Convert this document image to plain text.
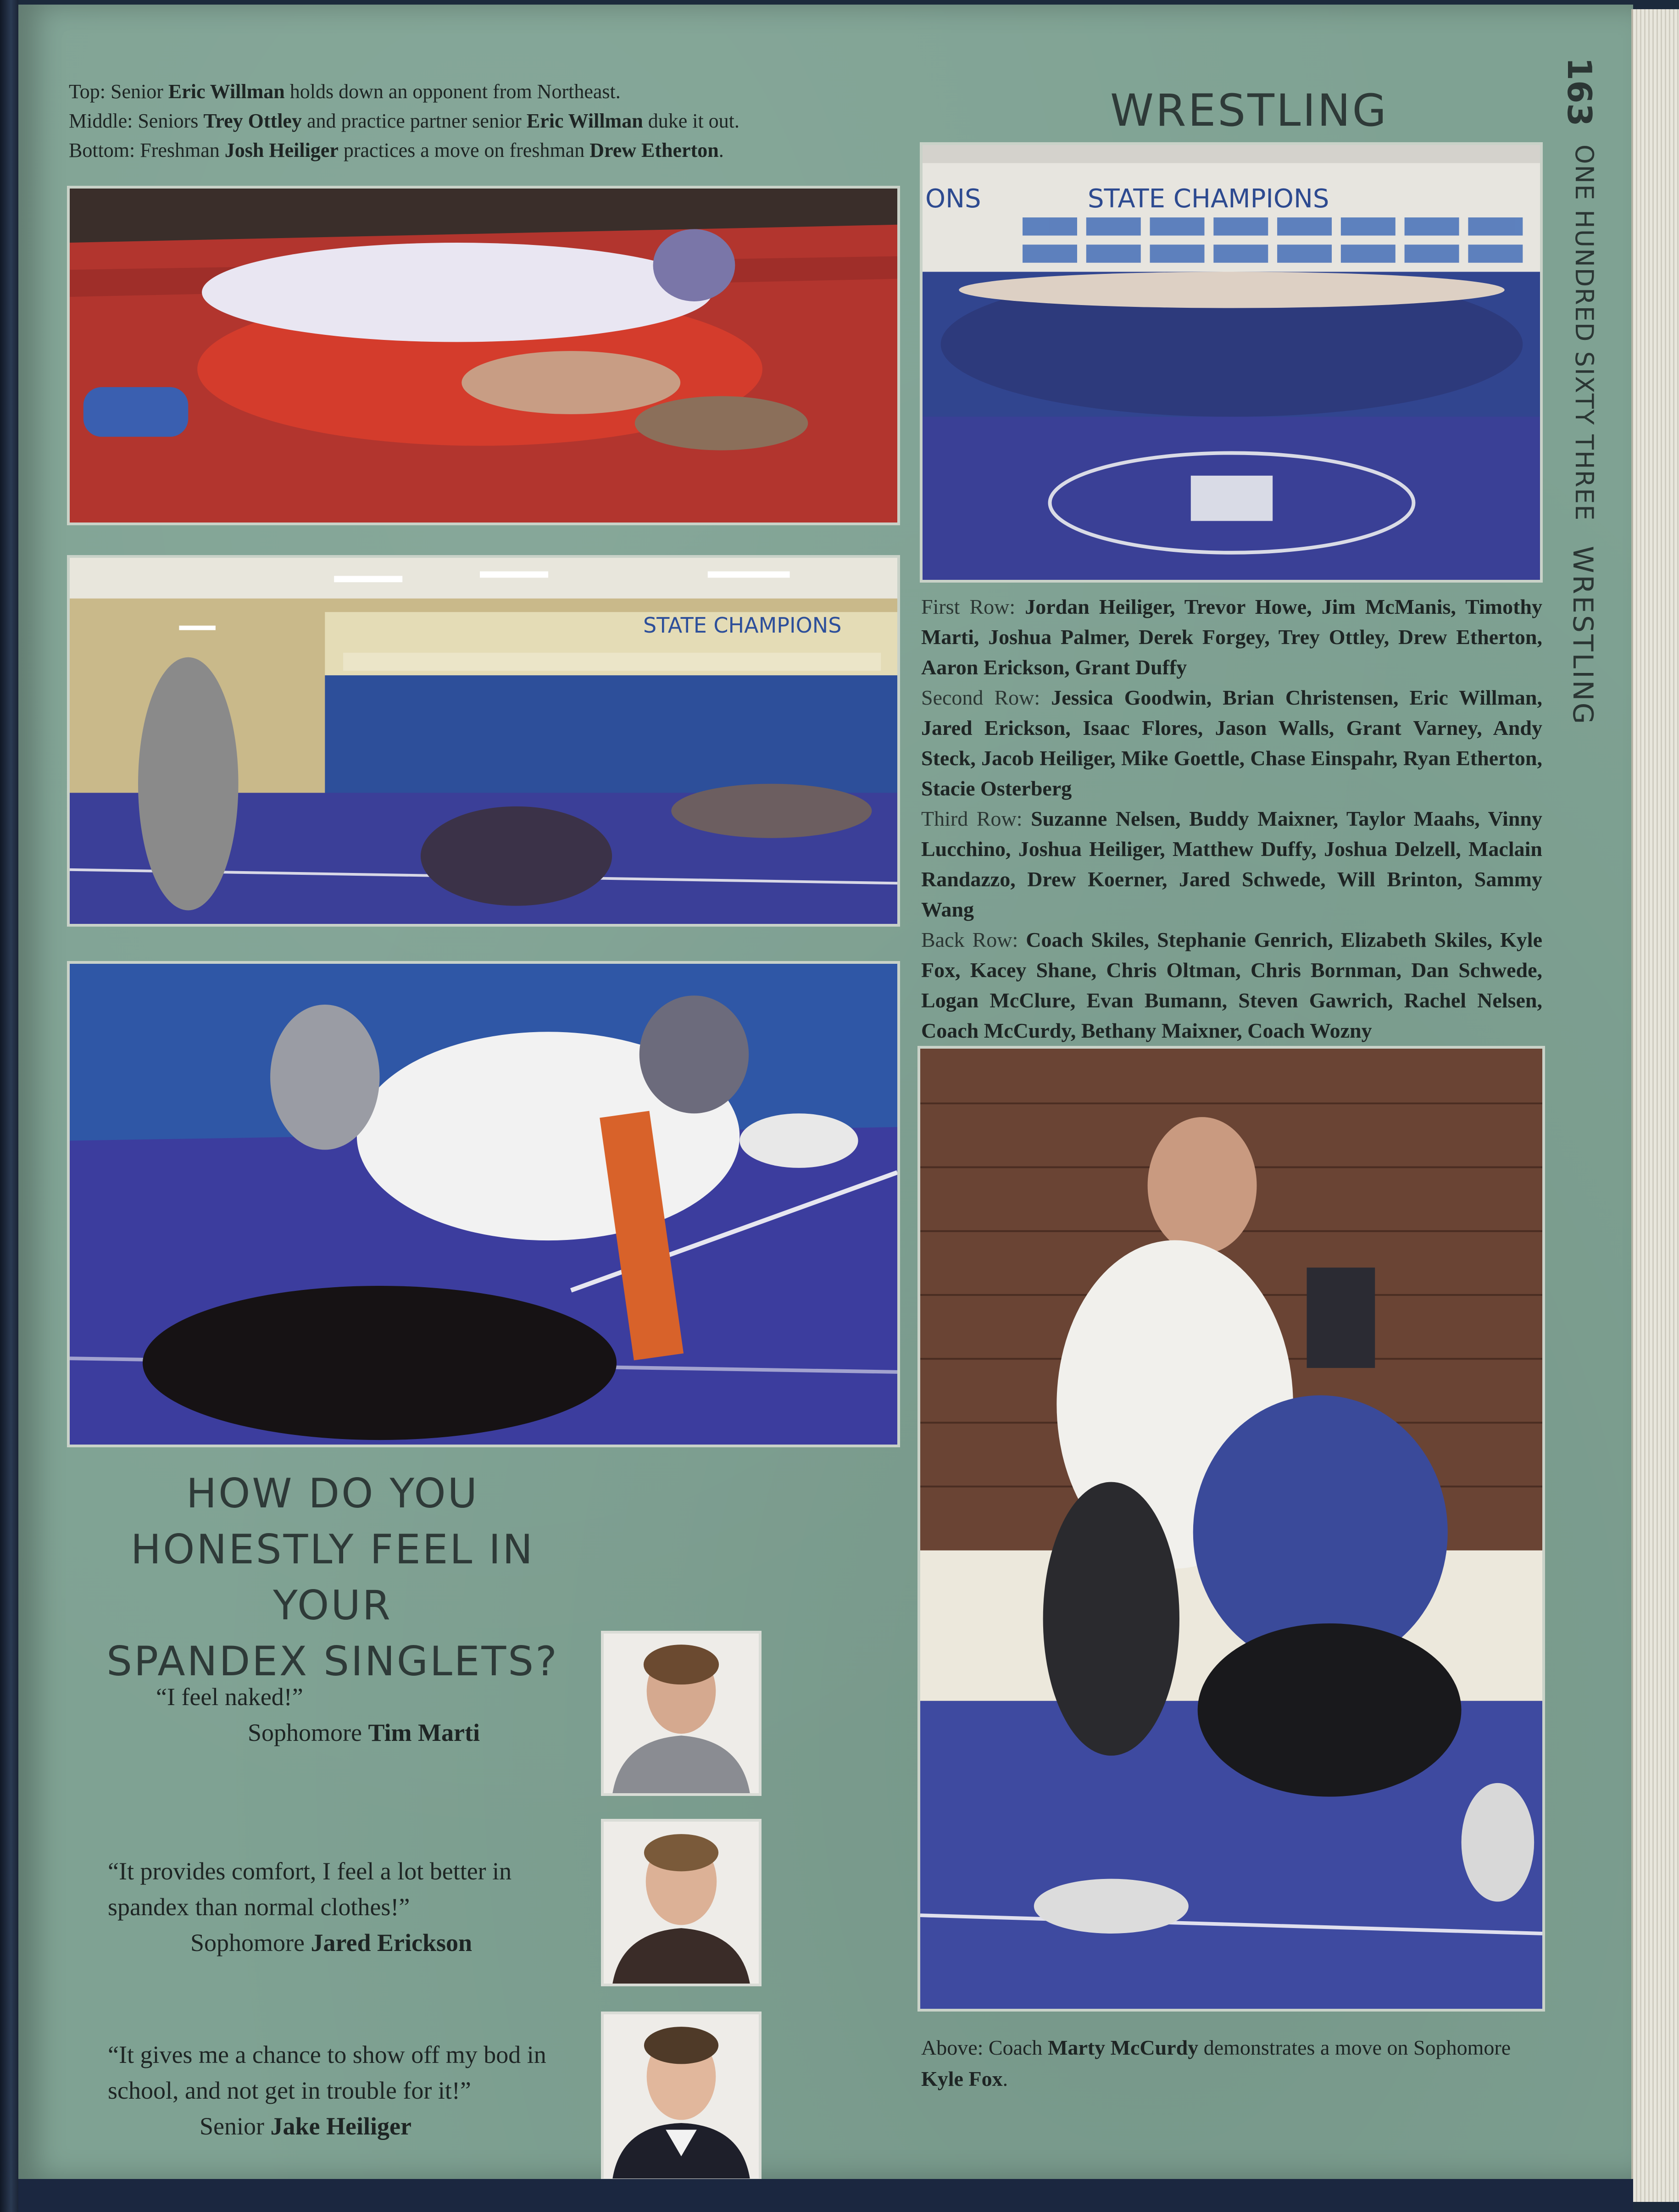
Top: Senior Eric Willman holds down an opponent from Northeast.
Middle: Seniors Trey Ottley and practice partner senior Eric Willman duke it out.
Bottom: Freshman Josh Heiliger practices a move on freshman Drew Etherton.
WRESTLING
STATE CHAMPIONS
ONS	STATE CHAMPIONS
First Row: Jordan Heiliger, Trevor Howe, Jim McManis, Timothy Marti, Joshua Palmer, Derek Forgey, Trey Ottley, Drew Etherton, Aaron Erickson, Grant Duffy
Second Row: Jessica Goodwin, Brian Christensen, Eric Willman, Jared Erickson, Isaac Flores, Jason Walls, Grant Varney, Andy Steck, Jacob Heiliger, Mike Goettle, Chase Einspahr, Ryan Etherton, Stacie Osterberg
Third Row: Suzanne Nelsen, Buddy Maixner, Taylor Maahs, Vinny Lucchino, Joshua Heiliger, Matthew Duffy, Joshua Delzell, Maclain Randazzo, Drew Koerner, Jared Schwede, Will Brinton, Sammy Wang
Back Row: Coach Skiles, Stephanie Genrich, Elizabeth Skiles, Kyle Fox, Kacey Shane, Chris Oltman, Chris Bornman, Dan Schwede, Logan McClure, Evan Bumann, Steven Gawrich, Rachel Nelsen, Coach McCurdy, Bethany Maixner, Coach Wozny
Above: Coach Marty McCurdy demonstrates a move on Sophomore Kyle Fox.
HOW DO YOU
HONESTLY FEEL IN YOUR
SPANDEX SINGLETS?
“I feel naked!”
Sophomore Tim Marti
“It provides comfort, I feel a lot better in spandex than normal clothes!”
Sophomore Jared Erickson
“It gives me a chance to show off my bod in school, and not get in trouble for it!”
Senior Jake Heiliger
163
ONE HUNDRED SIXTY THREE
WRESTLING
